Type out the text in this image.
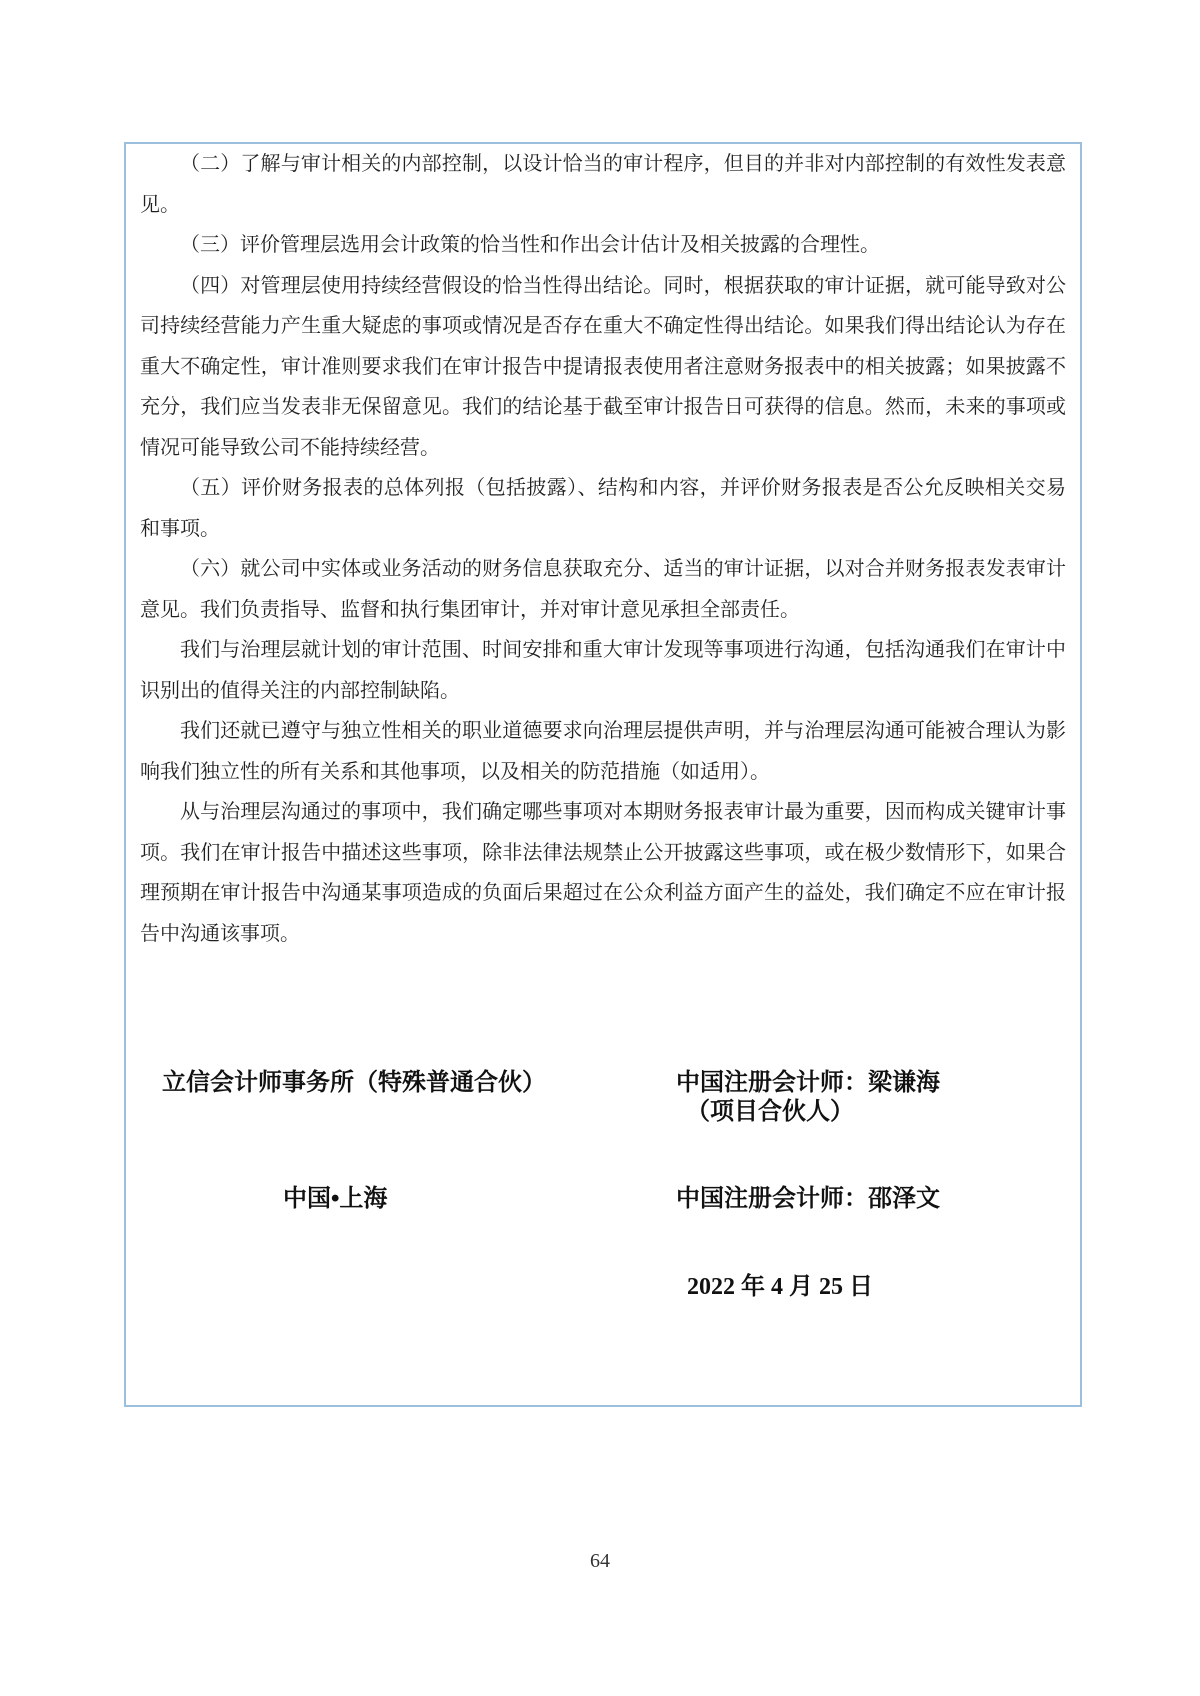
（二）了解与审计相关的内部控制，以设计恰当的审计程序，但目的并非对内部控制的有效性发表意见。

（三）评价管理层选用会计政策的恰当性和作出会计估计及相关披露的合理性。

（四）对管理层使用持续经营假设的恰当性得出结论。同时，根据获取的审计证据，就可能导致对公司持续经营能力产生重大疑虑的事项或情况是否存在重大不确定性得出结论。如果我们得出结论认为存在重大不确定性，审计准则要求我们在审计报告中提请报表使用者注意财务报表中的相关披露；如果披露不充分，我们应当发表非无保留意见。我们的结论基于截至审计报告日可获得的信息。然而，未来的事项或情况可能导致公司不能持续经营。

（五）评价财务报表的总体列报（包括披露）、结构和内容，并评价财务报表是否公允反映相关交易和事项。

（六）就公司中实体或业务活动的财务信息获取充分、适当的审计证据，以对合并财务报表发表审计意见。我们负责指导、监督和执行集团审计，并对审计意见承担全部责任。

我们与治理层就计划的审计范围、时间安排和重大审计发现等事项进行沟通，包括沟通我们在审计中识别出的值得关注的内部控制缺陷。

我们还就已遵守与独立性相关的职业道德要求向治理层提供声明，并与治理层沟通可能被合理认为影响我们独立性的所有关系和其他事项，以及相关的防范措施（如适用）。

从与治理层沟通过的事项中，我们确定哪些事项对本期财务报表审计最为重要，因而构成关键审计事项。我们在审计报告中描述这些事项，除非法律法规禁止公开披露这些事项，或在极少数情形下，如果合理预期在审计报告中沟通某事项造成的负面后果超过在公众利益方面产生的益处，我们确定不应在审计报告中沟通该事项。

立信会计师事务所（特殊普通合伙）	中国注册会计师：梁谦海
（项目合伙人）
中国•上海	中国注册会计师：邵泽文
2022 年 4 月 25 日
64
